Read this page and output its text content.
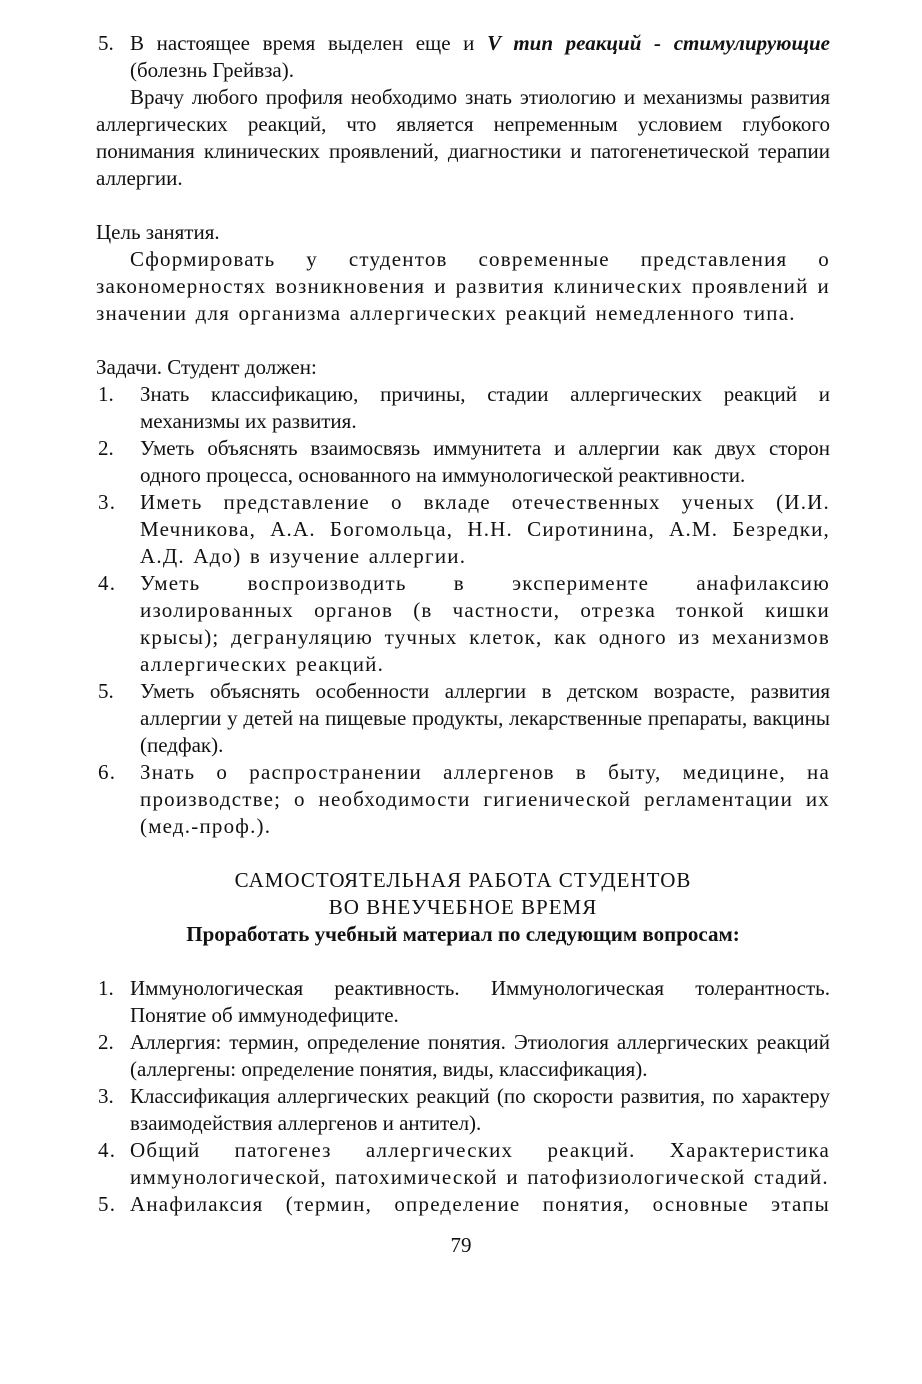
5. В настоящее время выделен еще и V тип реакций - стимулирующие (болезнь Грейвза).
Врачу любого профиля необходимо знать этиологию и механизмы развития аллергических реакций, что является непременным условием глубокого понимания клинических проявлений, диагностики и патогенетической терапии аллергии.
Цель занятия.
Сформировать у студентов современные представления о закономерностях возникновения и развития клинических проявлений и значении для организма аллергических реакций немедленного типа.
Задачи. Студент должен:
1. Знать классификацию, причины, стадии аллергических реакций и механизмы их развития.
2. Уметь объяснять взаимосвязь иммунитета и аллергии как двух сторон одного процесса, основанного на иммунологической реактивности.
3. Иметь представление о вкладе отечественных ученых (И.И. Мечникова, А.А. Богомольца, Н.Н. Сиротинина, А.М. Безредки, А.Д. Адо) в изучение аллергии.
4. Уметь воспроизводить в эксперименте анафилаксию изолированных органов (в частности, отрезка тонкой кишки крысы); дегрануляцию тучных клеток, как одного из механизмов аллергических реакций.
5. Уметь объяснять особенности аллергии в детском возрасте, развития аллергии у детей на пищевые продукты, лекарственные препараты, вакцины (педфак).
6. Знать о распространении аллергенов в быту, медицине, на производстве; о необходимости гигиенической регламентации их (мед.-проф.).
САМОСТОЯТЕЛЬНАЯ РАБОТА СТУДЕНТОВ
ВО ВНЕУЧЕБНОЕ ВРЕМЯ
Проработать учебный материал по следующим вопросам:
1. Иммунологическая реактивность. Иммунологическая толерантность. Понятие об иммунодефиците.
2. Аллергия: термин, определение понятия. Этиология аллергических реакций (аллергены: определение понятия, виды, классификация).
3. Классификация аллергических реакций (по скорости развития, по характеру взаимодействия аллергенов и антител).
4. Общий патогенез аллергических реакций. Характеристика иммунологической, патохимической и патофизиологической стадий.
5. Анафилаксия (термин, определение понятия, основные этапы
79
